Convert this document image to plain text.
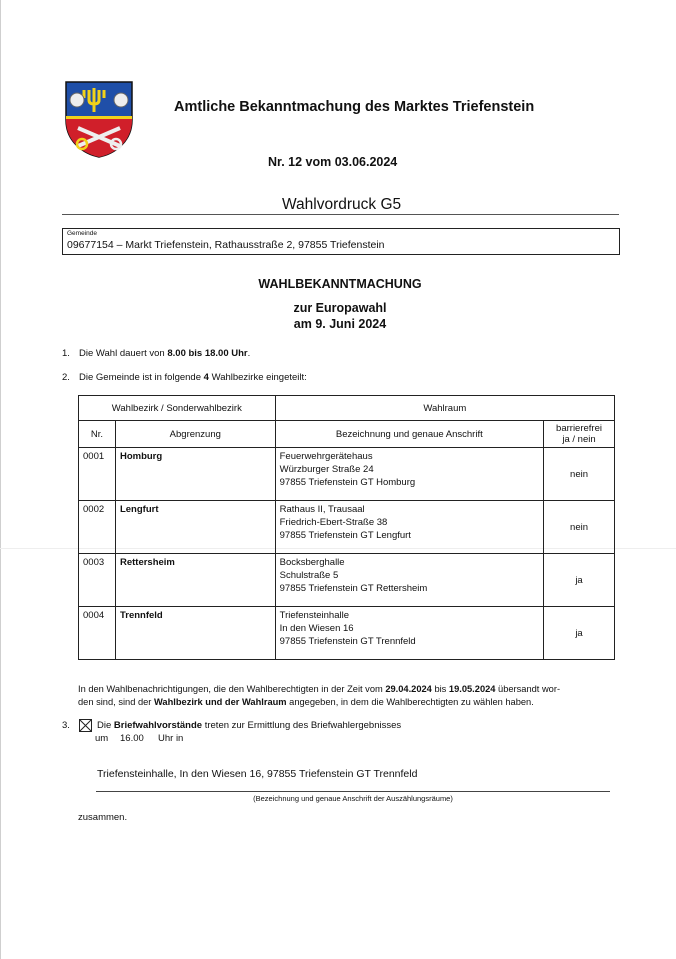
Amtliche Bekanntmachung des Marktes Triefenstein
Nr. 12 vom 03.06.2024
Wahlvordruck G5
Gemeinde
09677154 – Markt Triefenstein, Rathausstraße 2, 97855 Triefenstein
WAHLBEKANNTMACHUNG
zur Europawahl
am 9. Juni 2024
1. Die Wahl dauert von 8.00 bis 18.00 Uhr.
2. Die Gemeinde ist in folgende 4 Wahlbezirke eingeteilt:
Wahlbezirk / Sonderwahlbezirk		Wahlraum	
Nr.	Abgrenzung	Bezeichnung und genaue Anschrift	barrierefrei
ja / nein
0001	Homburg	Feuerwehrgerätehaus
Würzburger Straße 24
97855 Triefenstein GT Homburg	nein
0002	Lengfurt	Rathaus II, Trausaal
Friedrich-Ebert-Straße 38
97855 Triefenstein GT Lengfurt	nein
0003	Rettersheim	Bocksberghalle
Schulstraße 5
97855 Triefenstein GT Rettersheim	ja
0004	Trennfeld	Triefensteinhalle
In den Wiesen 16
97855 Triefenstein GT Trennfeld	ja
In den Wahlbenachrichtigungen, die den Wahlberechtigten in der Zeit vom 29.04.2024 bis 19.05.2024 übersandt wor-
den sind, sind der Wahlbezirk und der Wahlraum angegeben, in dem die Wahlberechtigten zu wählen haben.
3.	Die Briefwahlvorstände treten zur Ermittlung des Briefwahlergebnisses
um 16.00 Uhr in
Triefensteinhalle, In den Wiesen 16, 97855 Triefenstein GT Trennfeld
(Bezeichnung und genaue Anschrift der Auszählungsräume)
zusammen.
